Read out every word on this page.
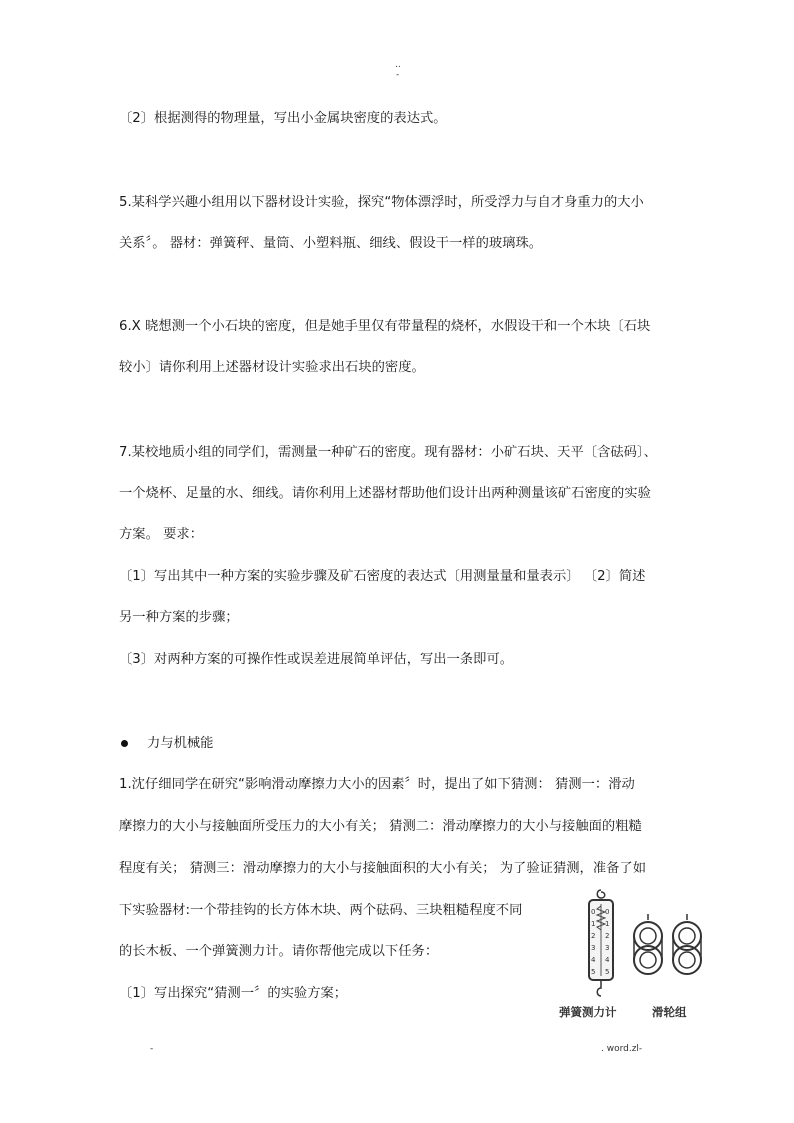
..
-
〔2〕根据测得的物理量，写出小金属块密度的表达式。
5.某科学兴趣小组用以下器材设计实验，探究“物体漂浮时，所受浮力与自才身重力的大小
关系〞。 器材：弹簧秤、量筒、小塑料瓶、细线、假设干一样的玻璃珠。
6.X 晓想测一个小石块的密度，但是她手里仅有带量程的烧杯，水假设干和一个木块〔石块
较小〕请你利用上述器材设计实验求出石块的密度。
7.某校地质小组的同学们，需测量一种矿石的密度。现有器材：小矿石块、天平〔含砝码〕、
一个烧杯、足量的水、细线。请你利用上述器材帮助他们设计出两种测量该矿石密度的实验
方案。 要求：
〔1〕写出其中一种方案的实验步骤及矿石密度的表达式〔用测量量和量表示〕 〔2〕简述
另一种方案的步骤；
〔3〕对两种方案的可操作性或误差进展简单评估，写出一条即可。
力与机械能
1.沈仔细同学在研究“影响滑动摩擦力大小的因素〞时，提出了如下猜测： 猜测一：滑动
摩擦力的大小与接触面所受压力的大小有关； 猜测二：滑动摩擦力的大小与接触面的粗糙
程度有关； 猜测三：滑动摩擦力的大小与接触面积的大小有关； 为了验证猜测，准备了如
下实验器材:一个带挂钩的长方体木块、两个砝码、三块粗糙程度不同
的长木板、一个弹簧测力计。请你帮他完成以下任务：
〔1〕写出探究“猜测一〞的实验方案；
0
1
2
3
4
5
0
1
2
3
4
5
弹簧测力计	滑轮组
-	. word.zl-
